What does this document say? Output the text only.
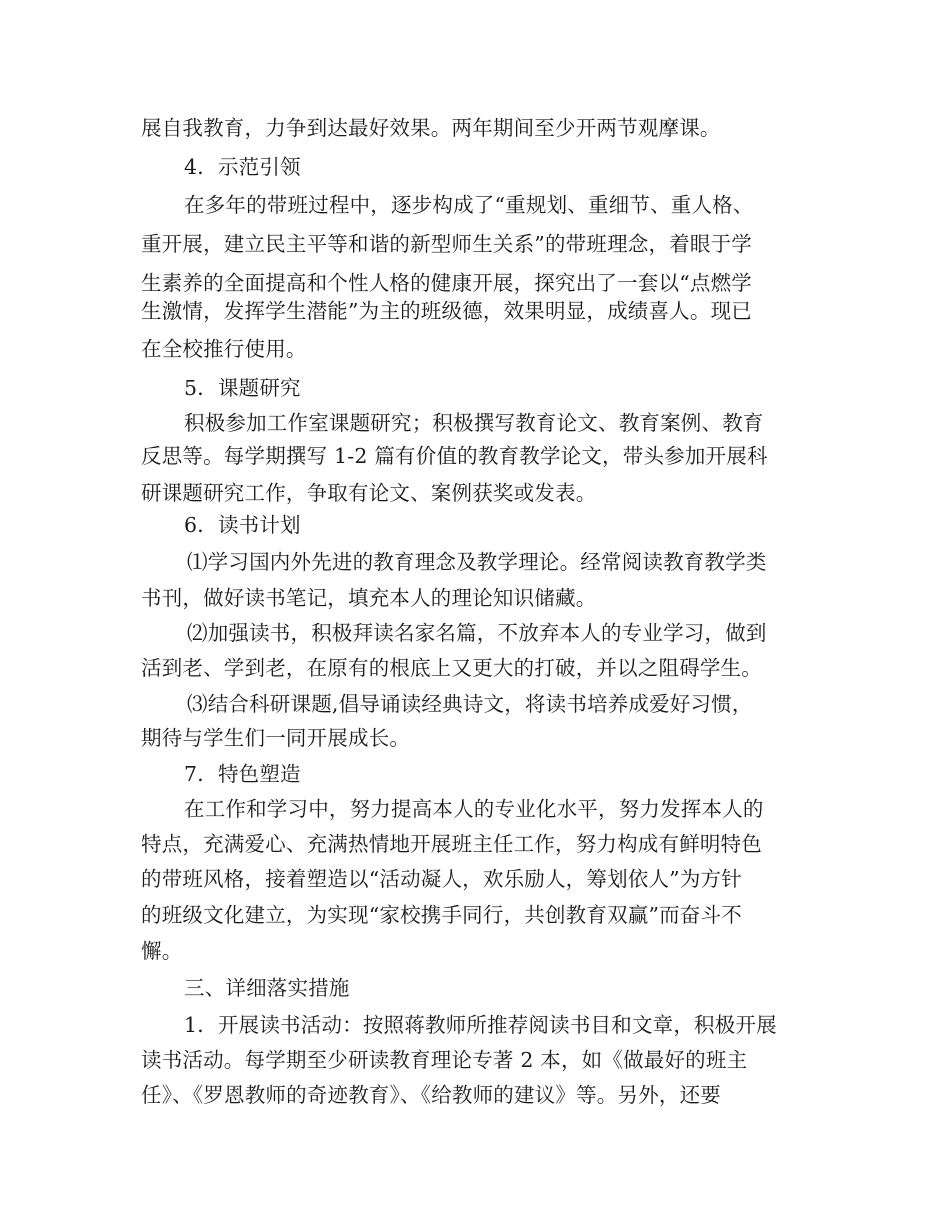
展自我教育，力争到达最好效果。两年期间至少开两节观摩课。
4．示范引领
在多年的带班过程中，逐步构成了“重规划、重细节、重人格、
重开展，建立民主平等和谐的新型师生关系”的带班理念，着眼于学
生素养的全面提高和个性人格的健康开展，探究出了一套以“点燃学
生激情，发挥学生潜能”为主的班级德，效果明显，成绩喜人。现已
在全校推行使用。
5．课题研究
积极参加工作室课题研究；积极撰写教育论文、教育案例、教育
反思等。每学期撰写 1-2 篇有价值的教育教学论文，带头参加开展科
研课题研究工作，争取有论文、案例获奖或发表。
6．读书计划
⑴学习国内外先进的教育理念及教学理论。经常阅读教育教学类
书刊，做好读书笔记，填充本人的理论知识储藏。
⑵加强读书，积极拜读名家名篇，不放弃本人的专业学习，做到
活到老、学到老，在原有的根底上又更大的打破，并以之阻碍学生。
⑶结合科研课题,倡导诵读经典诗文，将读书培养成爱好习惯，
期待与学生们一同开展成长。
7．特色塑造
在工作和学习中，努力提高本人的专业化水平，努力发挥本人的
特点，充满爱心、充满热情地开展班主任工作，努力构成有鲜明特色
的带班风格，接着塑造以“活动凝人，欢乐励人，筹划依人”为方针
的班级文化建立，为实现“家校携手同行，共创教育双赢”而奋斗不
懈。
三、详细落实措施
1．开展读书活动：按照蒋教师所推荐阅读书目和文章，积极开展
读书活动。每学期至少研读教育理论专著 2 本，如《做最好的班主
任》、《罗恩教师的奇迹教育》、《给教师的建议》等。另外，还要
